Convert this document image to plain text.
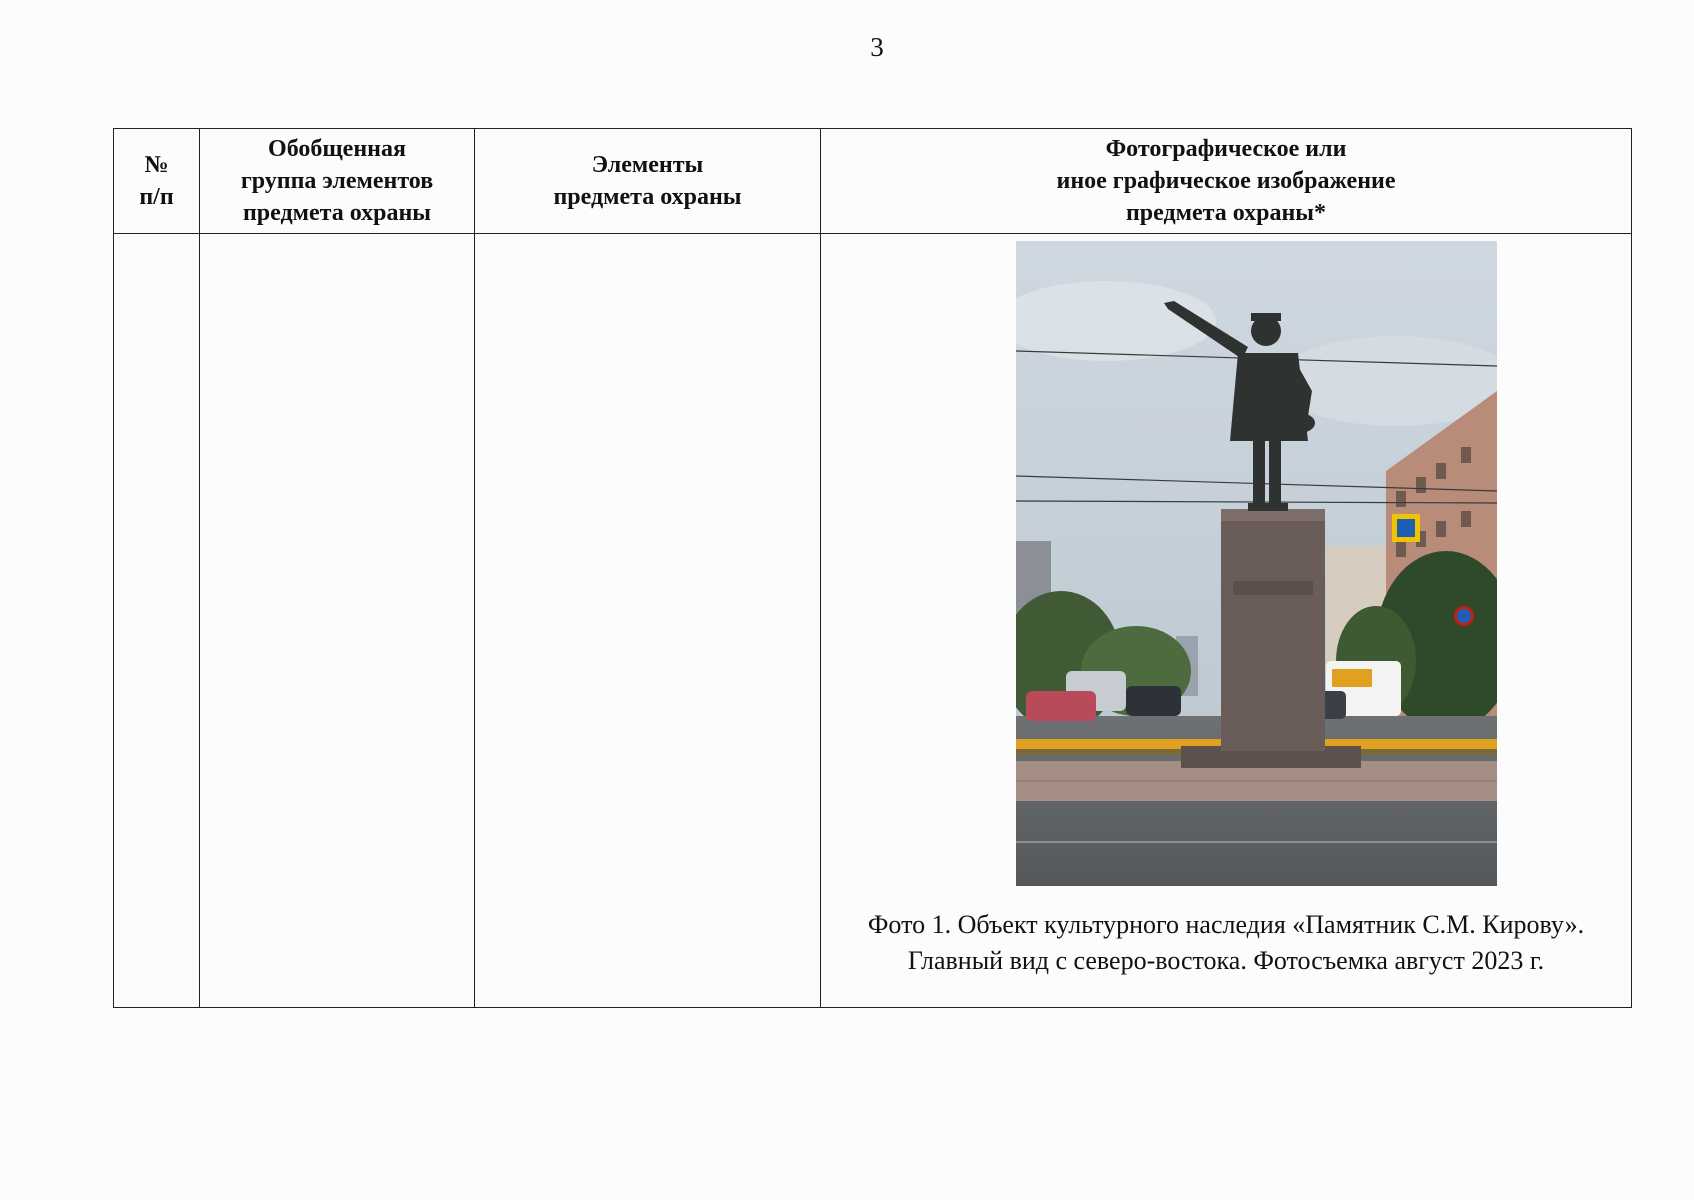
3
№
п/п	Обобщенная
группа элементов
предмета охраны	Элементы
предмета охраны	Фотографическое или
иное графическое изображение
предмета охраны*

			Фото 1. Объект культурного наследия «Памятник С.М. Кирову».
Главный вид с северо-востока. Фотосъемка август 2023 г.
